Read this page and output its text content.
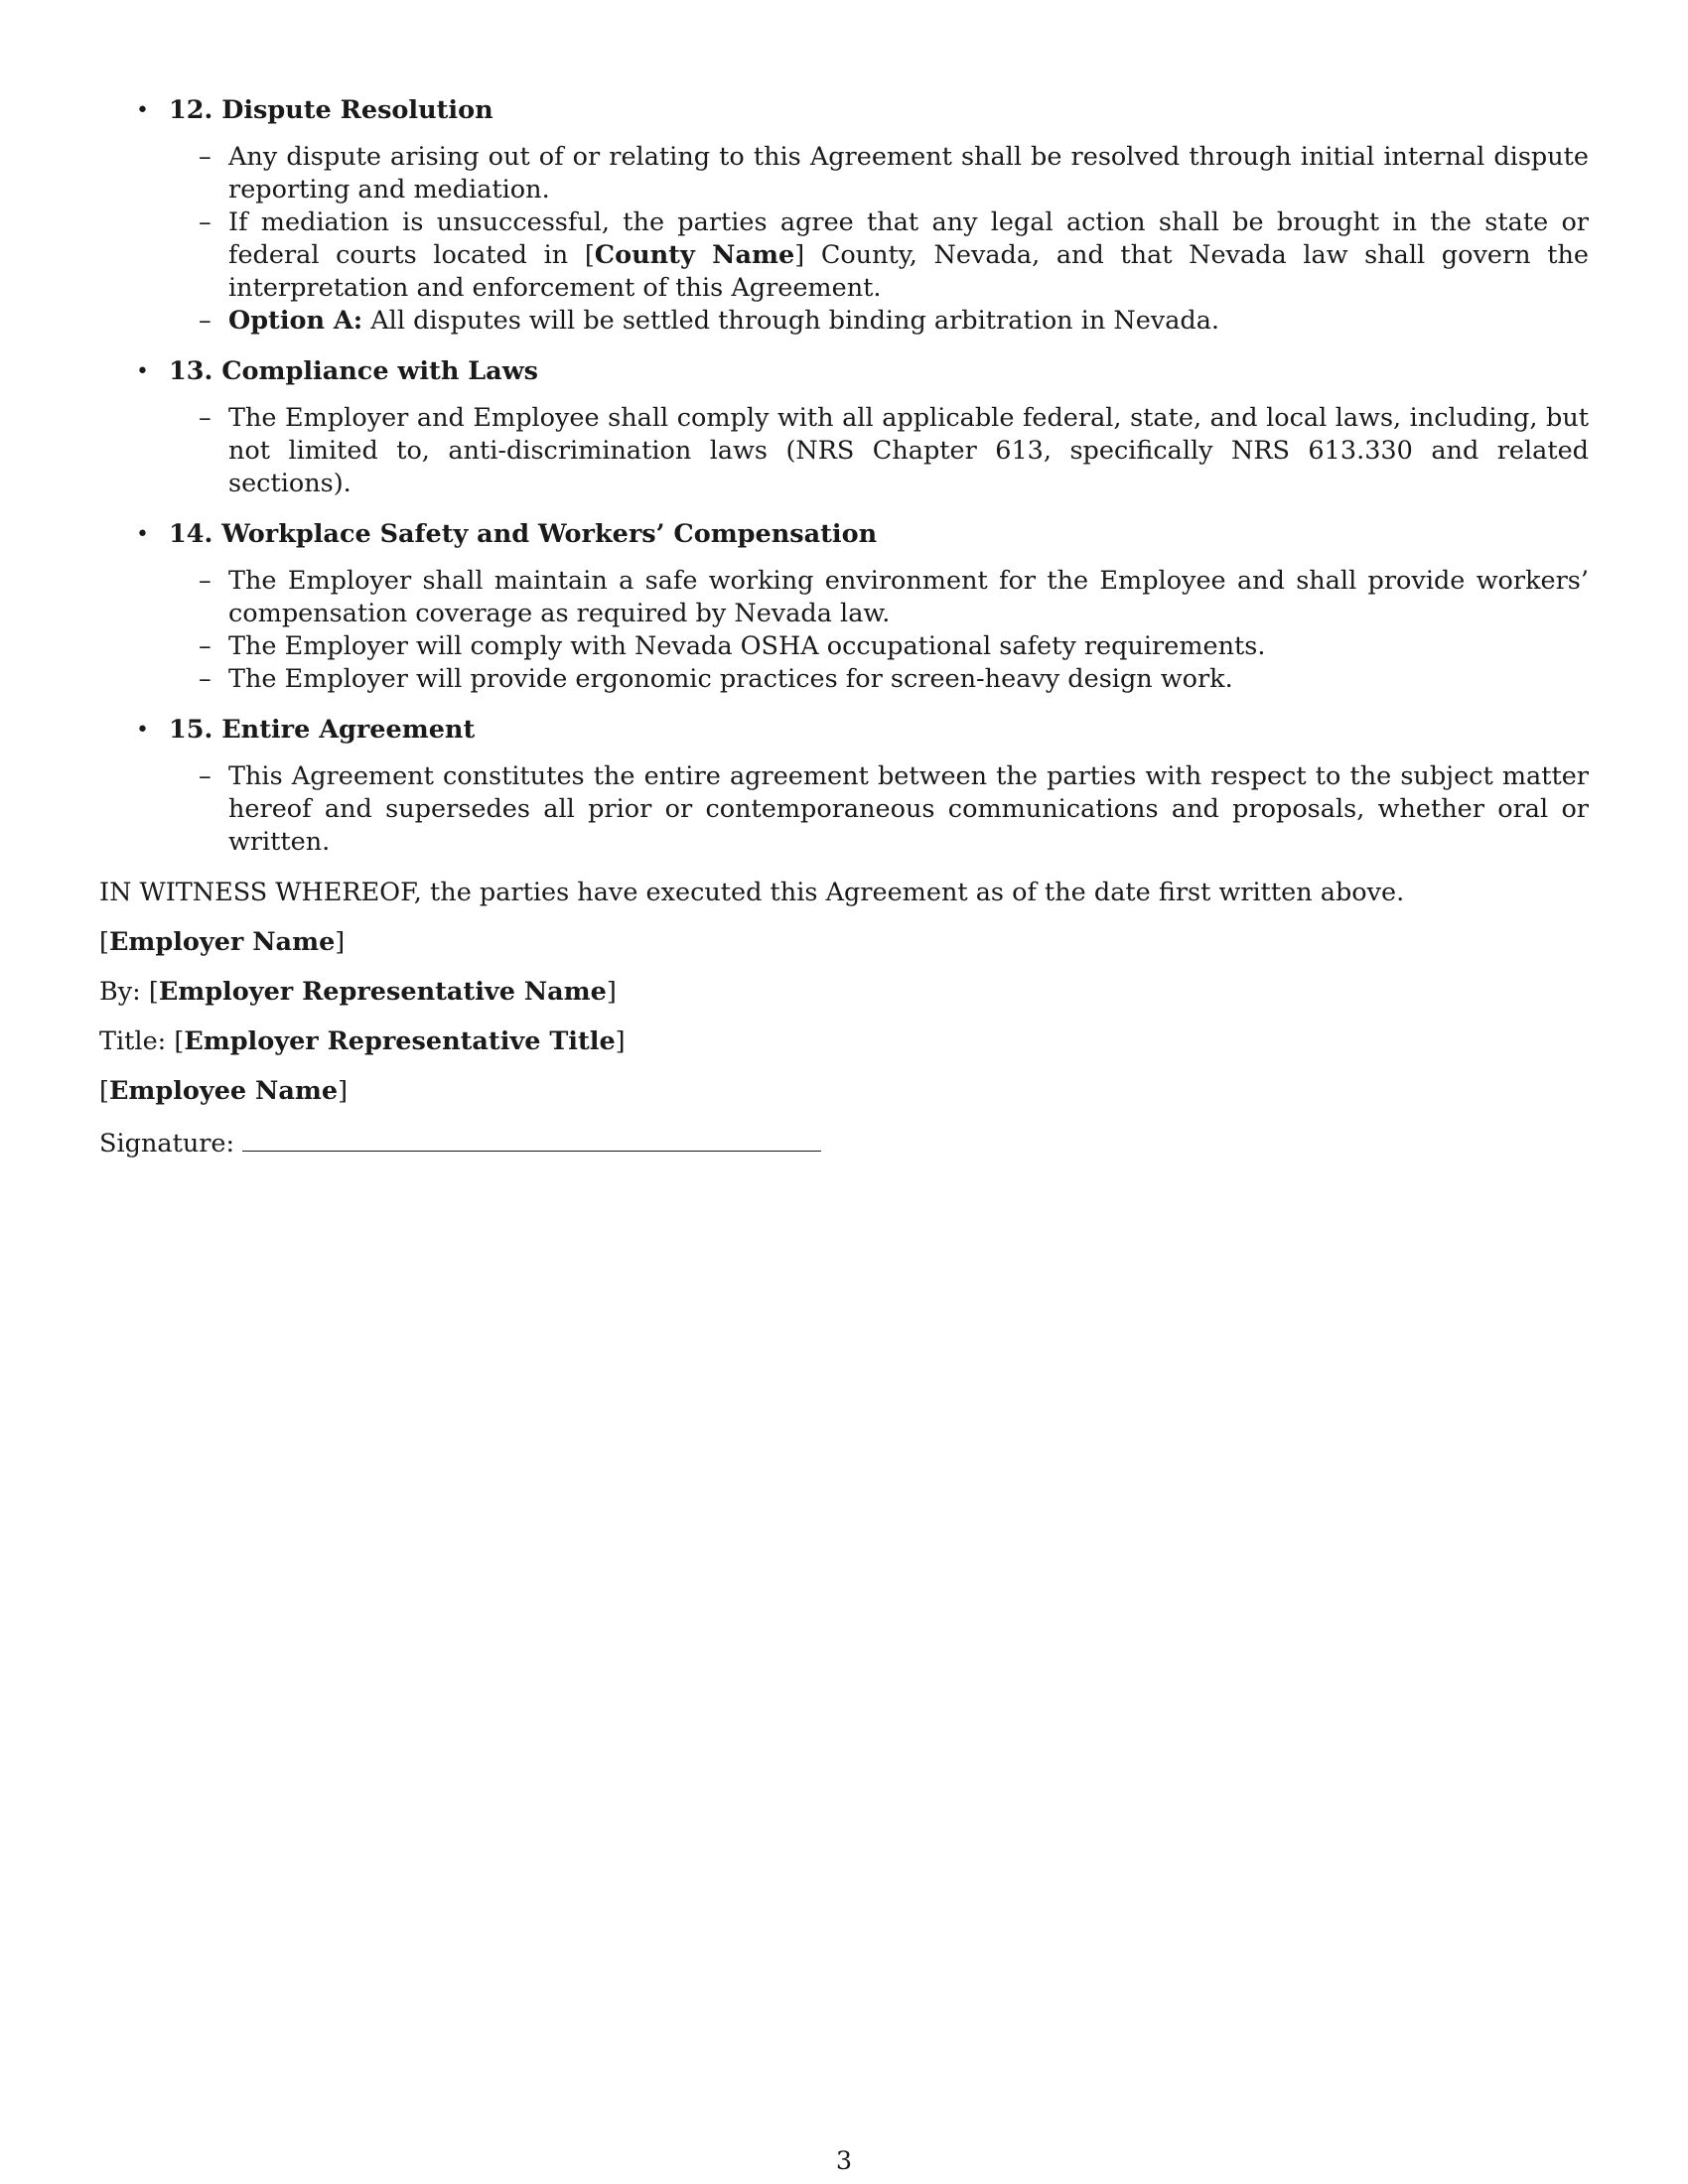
• 12. Dispute Resolution
– Any dispute arising out of or relating to this Agreement shall be resolved through initial internal dispute reporting and mediation.
– If mediation is unsuccessful, the parties agree that any legal action shall be brought in the state or federal courts located in [County Name] County, Nevada, and that Nevada law shall govern the interpretation and enforcement of this Agreement.
– Option A: All disputes will be settled through binding arbitration in Nevada.
• 13. Compliance with Laws
– The Employer and Employee shall comply with all applicable federal, state, and local laws, including, but not limited to, anti-discrimination laws (NRS Chapter 613, specifically NRS 613.330 and related sections).
• 14. Workplace Safety and Workers’ Compensation
– The Employer shall maintain a safe working environment for the Employee and shall provide workers’ compensation coverage as required by Nevada law.
– The Employer will comply with Nevada OSHA occupational safety requirements.
– The Employer will provide ergonomic practices for screen-heavy design work.
• 15. Entire Agreement
– This Agreement constitutes the entire agreement between the parties with respect to the subject matter hereof and supersedes all prior or contemporaneous communications and proposals, whether oral or written.

IN WITNESS WHEREOF, the parties have executed this Agreement as of the date first written above.

[Employer Name]

By: [Employer Representative Name]

Title: [Employer Representative Title]

[Employee Name]

Signature:

3
